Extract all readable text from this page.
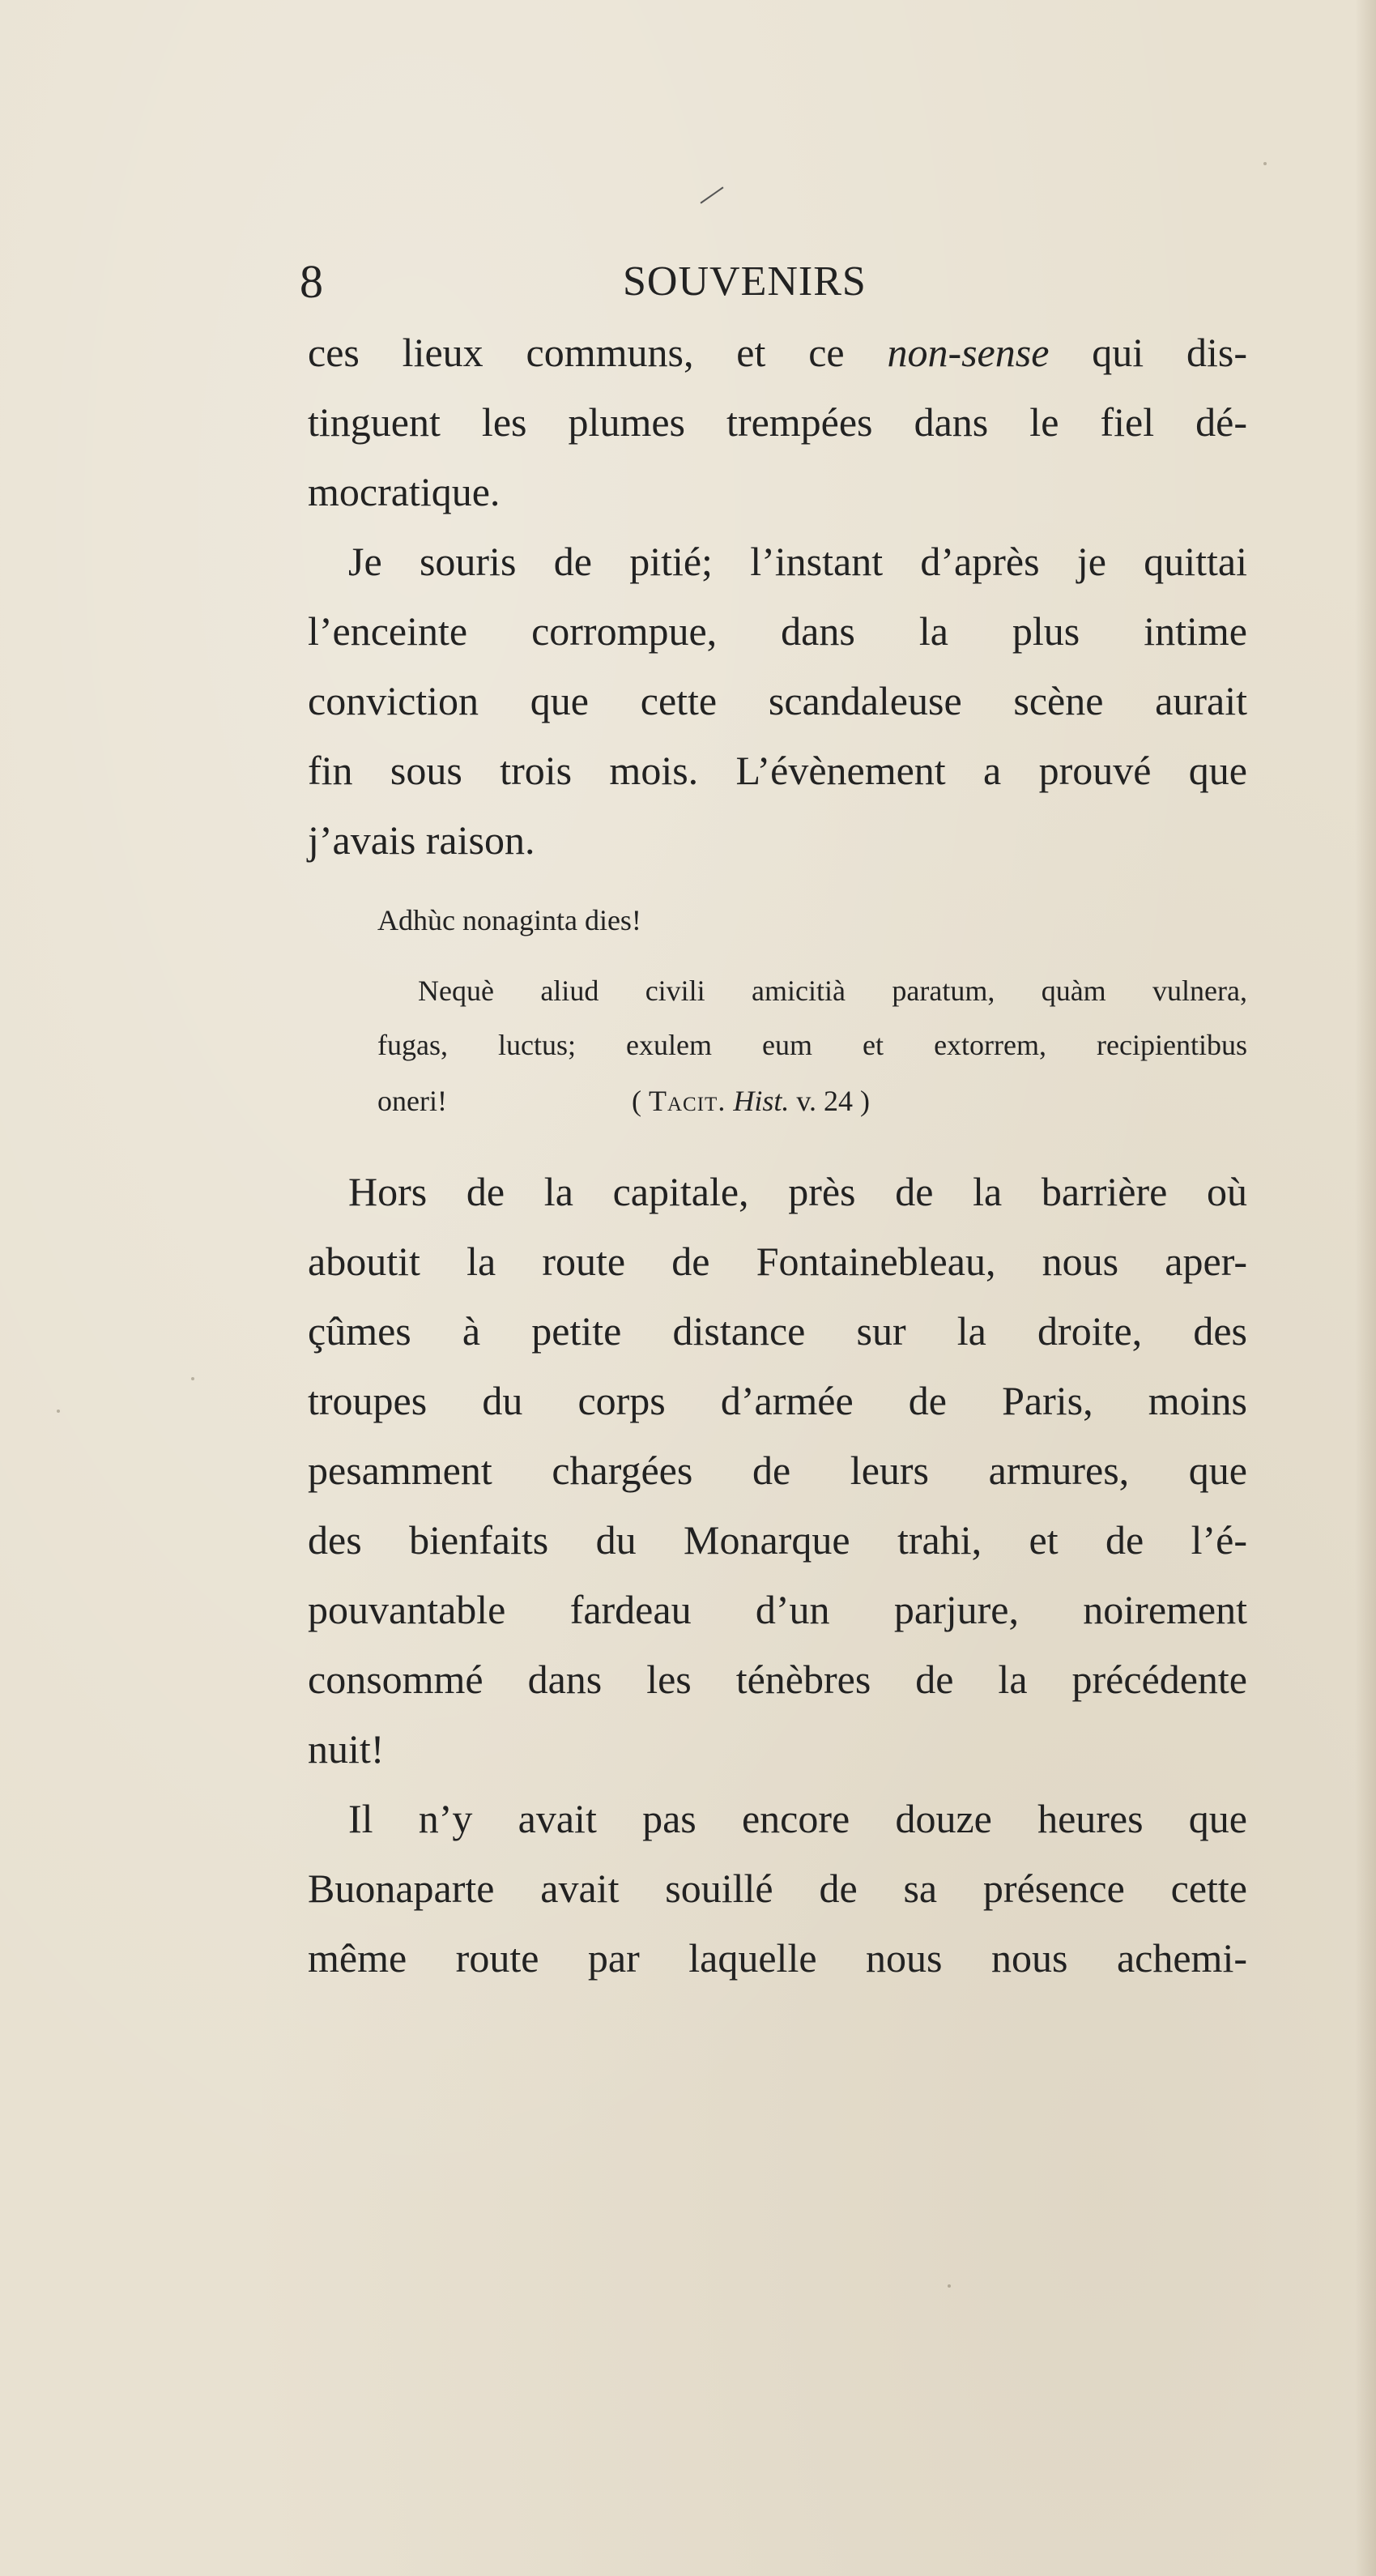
8	SOUVENIRS
ces lieux communs, et ce non-sense qui dis-
tinguent les plumes trempées dans le fiel dé-
mocratique.
Je souris de pitié; l’instant d’après je quittai
l’enceinte corrompue, dans la plus intime
conviction que cette scandaleuse scène aurait
fin sous trois mois. L’évènement a prouvé que
j’avais raison.
Adhùc nonaginta dies!
Nequè aliud civili amicitià paratum, quàm vulnera,
fugas, luctus; exulem eum et extorrem, recipientibus
oneri!	( Tacit. Hist. v. 24 )
Hors de la capitale, près de la barrière où
aboutit la route de Fontainebleau, nous aper-
çûmes à petite distance sur la droite, des
troupes du corps d’armée de Paris, moins
pesamment chargées de leurs armures, que
des bienfaits du Monarque trahi, et de l’é-
pouvantable fardeau d’un parjure, noirement
consommé dans les ténèbres de la précédente
nuit!
Il n’y avait pas encore douze heures que
Buonaparte avait souillé de sa présence cette
même route par laquelle nous nous achemi-
